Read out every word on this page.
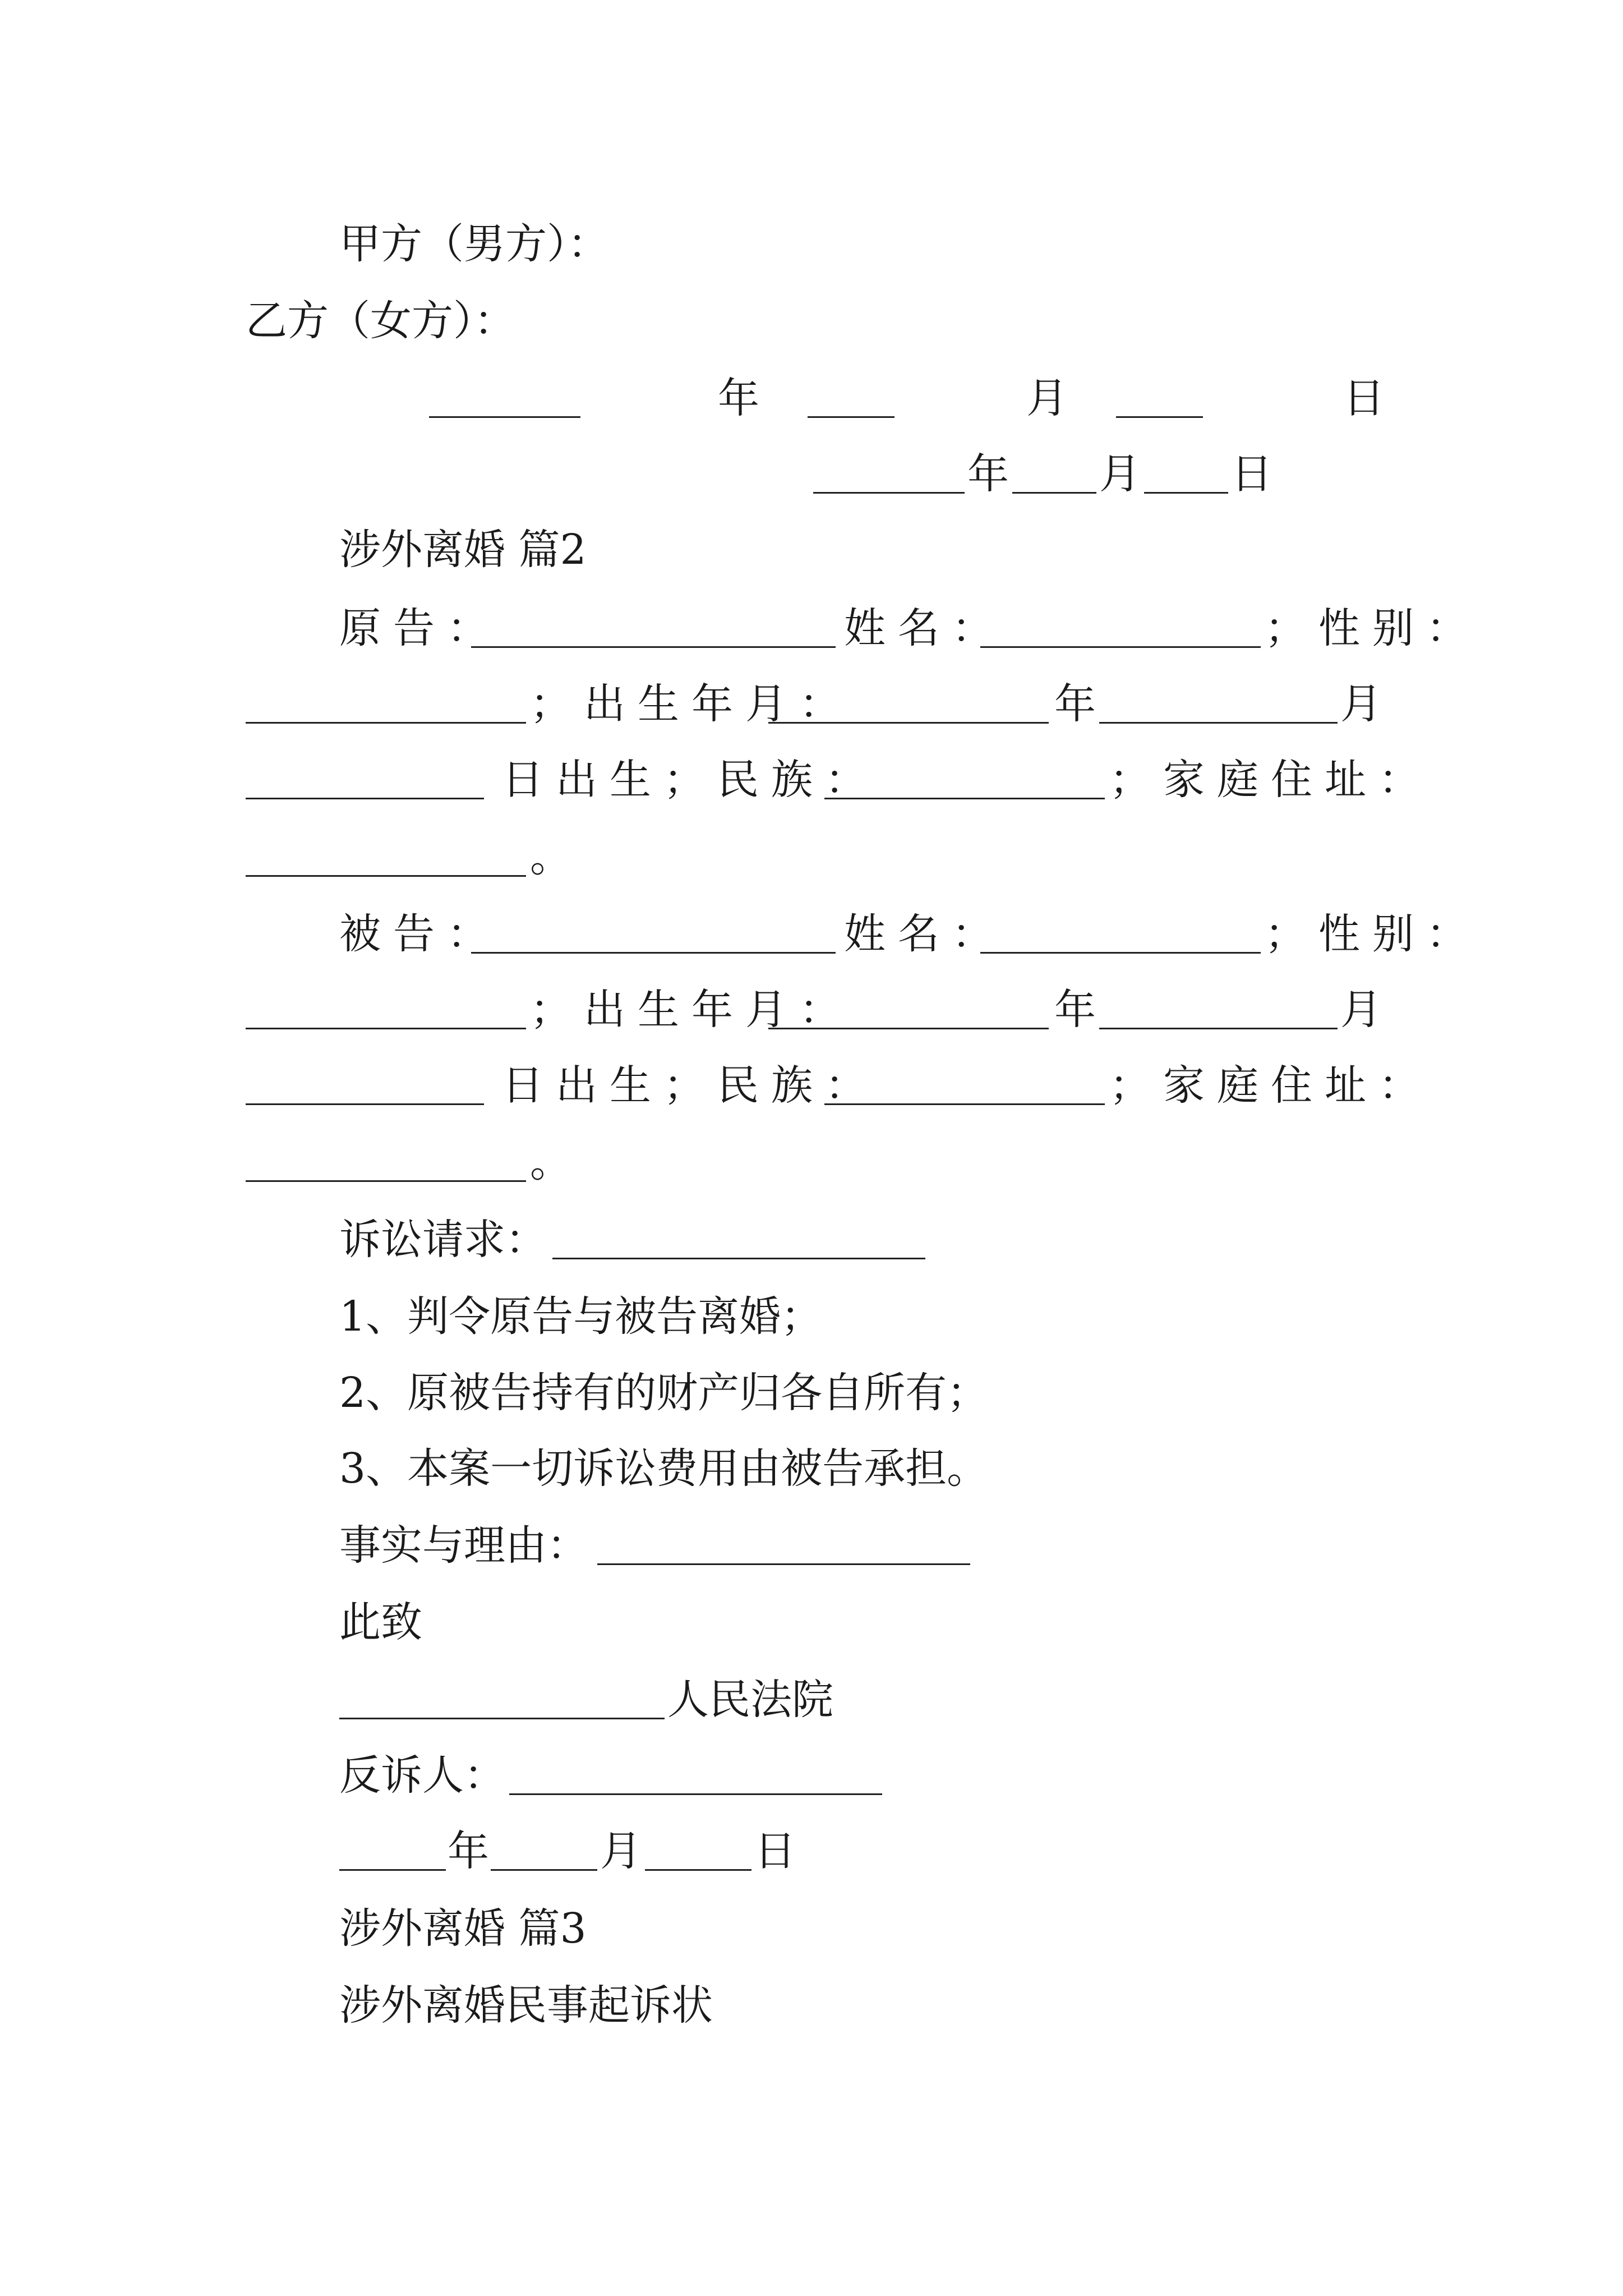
甲方（男方）：
乙方（女方）：
年	月	日
年 月 日
涉外离婚 篇2
原告：	姓名：	；性别：
；出生年月：	年	月
日出生；民族：	；家庭住址：
。
被告：	姓名：	；性别：
；出生年月：	年	月
日出生；民族：	；家庭住址：
。
诉讼请求：
1、判令原告与被告离婚；
2、原被告持有的财产归各自所有；
3、本案一切诉讼费用由被告承担。
事实与理由：
此致
人民法院
反诉人：
年	月	日
涉外离婚 篇3
涉外离婚民事起诉状
